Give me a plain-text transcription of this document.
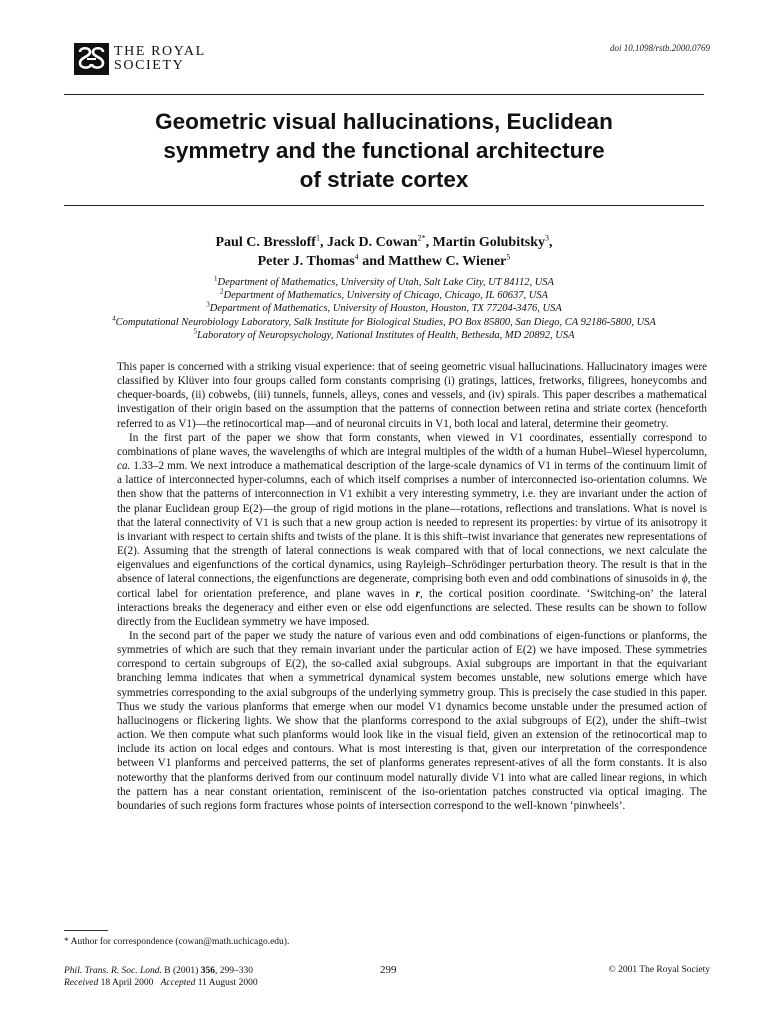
THE ROYAL
SOCIETY
doi 10.1098/rstb.2000.0769
Geometric visual hallucinations, Euclidean
symmetry and the functional architecture
of striate cortex
Paul C. Bressloff$^1$, Jack D. Cowan$^{2*}$, Martin Golubitsky$^3$,
Peter J. Thomas$^4$ and Matthew C. Wiener$^5$
$^1$Department of Mathematics, University of Utah, Salt Lake City, UT 84112, USA
$^2$Department of Mathematics, University of Chicago, Chicago, IL 60637, USA
$^3$Department of Mathematics, University of Houston, Houston, TX 77204-3476, USA
$^4$Computational Neurobiology Laboratory, Salk Institute for Biological Studies, PO Box 85800, San Diego, CA 92186-5800, USA
$^5$Laboratory of Neuropsychology, National Institutes of Health, Bethesda, MD 20892, USA

This paper is concerned with a striking visual experience: that of seeing geometric visual hallucinations. Hallucinatory images were classified by Klüver into four groups called form constants comprising (i) gratings, lattices, fretworks, filigrees, honeycombs and chequer-boards, (ii) cobwebs, (iii) tunnels, funnels, alleys, cones and vessels, and (iv) spirals. This paper describes a mathematical investigation of their origin based on the assumption that the patterns of connection between retina and striate cortex (henceforth referred to as V1)—the retinocortical map—and of neuronal circuits in V1, both local and lateral, determine their geometry.

In the first part of the paper we show that form constants, when viewed in V1 coordinates, essentially correspond to combinations of plane waves, the wavelengths of which are integral multiples of the width of a human Hubel–Wiesel hypercolumn, ca. 1.33–2 mm. We next introduce a mathematical description of the large-scale dynamics of V1 in terms of the continuum limit of a lattice of interconnected hyper-columns, each of which itself comprises a number of interconnected iso-orientation columns. We then show that the patterns of interconnection in V1 exhibit a very interesting symmetry, i.e. they are invariant under the action of the planar Euclidean group E(2)—the group of rigid motions in the plane—rotations, reflections and translations. What is novel is that the lateral connectivity of V1 is such that a new group action is needed to represent its properties: by virtue of its anisotropy it is invariant with respect to certain shifts and twists of the plane. It is this shift–twist invariance that generates new representations of E(2). Assuming that the strength of lateral connections is weak compared with that of local connections, we next calculate the eigenvalues and eigenfunctions of the cortical dynamics, using Rayleigh–Schrödinger perturbation theory. The result is that in the absence of lateral connections, the eigenfunctions are degenerate, comprising both even and odd combinations of sinusoids in ϕ, the cortical label for orientation preference, and plane waves in r, the cortical position coordinate. ‘Switching-on’ the lateral interactions breaks the degeneracy and either even or else odd eigenfunctions are selected. These results can be shown to follow directly from the Euclidean symmetry we have imposed.

In the second part of the paper we study the nature of various even and odd combinations of eigen-functions or planforms, the symmetries of which are such that they remain invariant under the particular action of E(2) we have imposed. These symmetries correspond to certain subgroups of E(2), the so-called axial subgroups. Axial subgroups are important in that the equivariant branching lemma indicates that when a symmetrical dynamical system becomes unstable, new solutions emerge which have symmetries corresponding to the axial subgroups of the underlying symmetry group. This is precisely the case studied in this paper. Thus we study the various planforms that emerge when our model V1 dynamics become unstable under the presumed action of hallucinogens or flickering lights. We show that the planforms correspond to the axial subgroups of E(2), under the shift–twist action. We then compute what such planforms would look like in the visual field, given an extension of the retinocortical map to include its action on local edges and contours. What is most interesting is that, given our interpretation of the correspondence between V1 planforms and perceived patterns, the set of planforms generates represent-atives of all the form constants. It is also noteworthy that the planforms derived from our continuum model naturally divide V1 into what are called linear regions, in which the pattern has a near constant orientation, reminiscent of the iso-orientation patches constructed via optical imaging. The boundaries of such regions form fractures whose points of intersection correspond to the well-known ‘pinwheels’.

* Author for correspondence (cowan@math.uchicago.edu).
Phil. Trans. R. Soc. Lond. B (2001) 356, 299–330
Received 18 April 2000 Accepted 11 August 2000
299	© 2001 The Royal Society
